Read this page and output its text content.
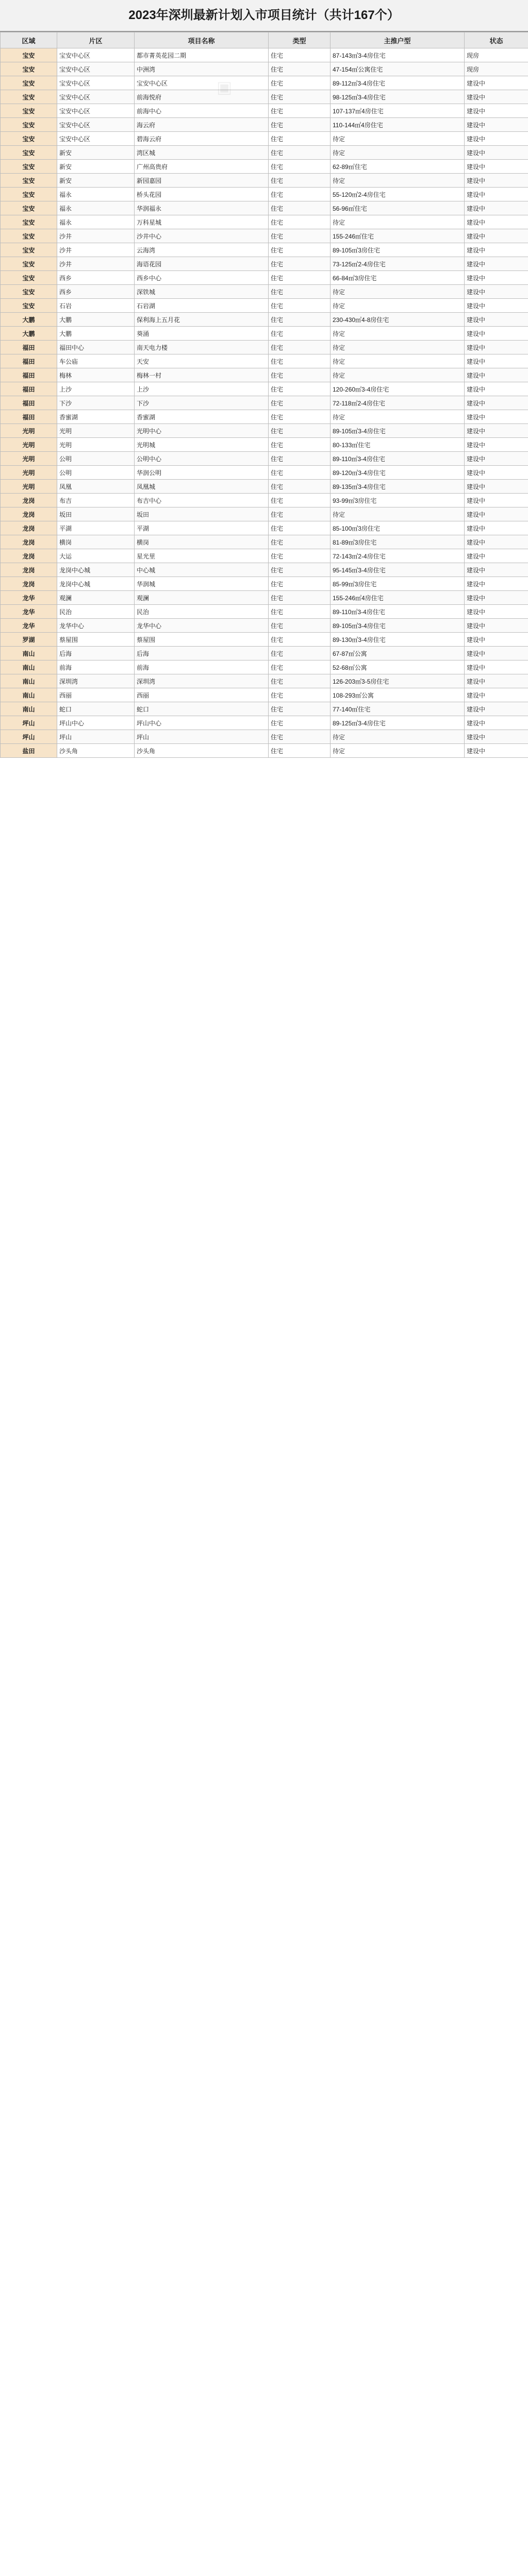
2023年深圳最新计划入市项目统计（共计167个）
▣
区域	片区	项目名称	类型	主推户型	状态
宝安	宝安中心区	都市菁英花园二期	住宅	87-143㎡3-4房住宅	现房
宝安	宝安中心区	中洲湾	住宅	47-154㎡公寓住宅	现房
宝安	宝安中心区	宝安中心区	住宅	89-112㎡3-4房住宅	建设中
宝安	宝安中心区	前海悦府	住宅	98-125㎡3-4房住宅	建设中
宝安	宝安中心区	前海中心	住宅	107-137㎡4房住宅	建设中
宝安	宝安中心区	海云府	住宅	110-144㎡4房住宅	建设中
宝安	宝安中心区	碧海云府	住宅	待定	建设中
宝安	新安	湾区城	住宅	待定	建设中
宝安	新安	广州高贵府	住宅	62-89㎡住宅	建设中
宝安	新安	新园嘉园	住宅	待定	建设中
宝安	福永	桥头花园	住宅	55-120㎡2-4房住宅	建设中
宝安	福永	华润福永	住宅	56-96㎡住宅	建设中
宝安	福永	万科星城	住宅	待定	建设中
宝安	沙井	沙井中心	住宅	155-246㎡住宅	建设中
宝安	沙井	云海湾	住宅	89-105㎡3房住宅	建设中
宝安	沙井	海语花园	住宅	73-125㎡2-4房住宅	建设中
宝安	西乡	西乡中心	住宅	66-84㎡3房住宅	建设中
宝安	西乡	深铁城	住宅	待定	建设中
宝安	石岩	石岩湖	住宅	待定	建设中
大鹏	大鹏	保利海上五月花	住宅	230-430㎡4-8房住宅	建设中
大鹏	大鹏	葵涌	住宅	待定	建设中
福田	福田中心	南天电力楼	住宅	待定	建设中
福田	车公庙	天安	住宅	待定	建设中
福田	梅林	梅林一村	住宅	待定	建设中
福田	上沙	上沙	住宅	120-260㎡3-4房住宅	建设中
福田	下沙	下沙	住宅	72-118㎡2-4房住宅	建设中
福田	香蜜湖	香蜜湖	住宅	待定	建设中
光明	光明	光明中心	住宅	89-105㎡3-4房住宅	建设中
光明	光明	光明城	住宅	80-133㎡住宅	建设中
光明	公明	公明中心	住宅	89-110㎡3-4房住宅	建设中
光明	公明	华润公明	住宅	89-120㎡3-4房住宅	建设中
光明	凤凰	凤凰城	住宅	89-135㎡3-4房住宅	建设中
龙岗	布吉	布吉中心	住宅	93-99㎡3房住宅	建设中
龙岗	坂田	坂田	住宅	待定	建设中
龙岗	平湖	平湖	住宅	85-100㎡3房住宅	建设中
龙岗	横岗	横岗	住宅	81-89㎡3房住宅	建设中
龙岗	大运	星光里	住宅	72-143㎡2-4房住宅	建设中
龙岗	龙岗中心城	中心城	住宅	95-145㎡3-4房住宅	建设中
龙岗	龙岗中心城	华润城	住宅	85-99㎡3房住宅	建设中
龙华	观澜	观澜	住宅	155-246㎡4房住宅	建设中
龙华	民治	民治	住宅	89-110㎡3-4房住宅	建设中
龙华	龙华中心	龙华中心	住宅	89-105㎡3-4房住宅	建设中
罗湖	蔡屋围	蔡屋围	住宅	89-130㎡3-4房住宅	建设中
南山	后海	后海	住宅	67-87㎡公寓	建设中
南山	前海	前海	住宅	52-68㎡公寓	建设中
南山	深圳湾	深圳湾	住宅	126-203㎡3-5房住宅	建设中
南山	西丽	西丽	住宅	108-293㎡公寓	建设中
南山	蛇口	蛇口	住宅	77-140㎡住宅	建设中
坪山	坪山中心	坪山中心	住宅	89-125㎡3-4房住宅	建设中
坪山	坪山	坪山	住宅	待定	建设中
盐田	沙头角	沙头角	住宅	待定	建设中
